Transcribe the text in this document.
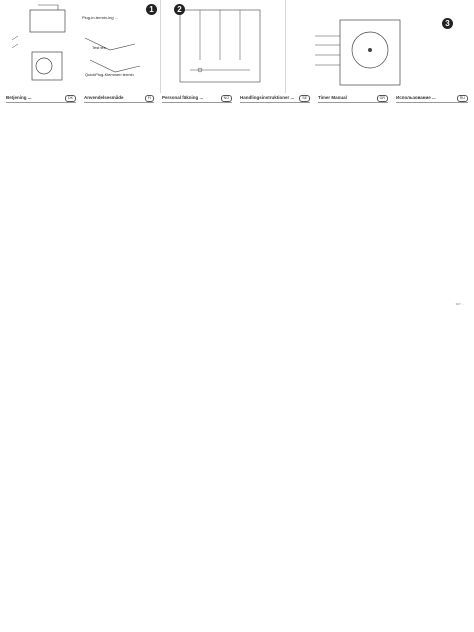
Plug-in-termin-ing ...
Test tes
QuickPlug-Klemmen termin
1	2
3
Betjening ...	DK	Anvendelsesmåde	FI	Personal fäkning ...	NO	Handlingsinstruktioner ...	SE	Timer Manual	GR	Использование ...	RU
307 ...
